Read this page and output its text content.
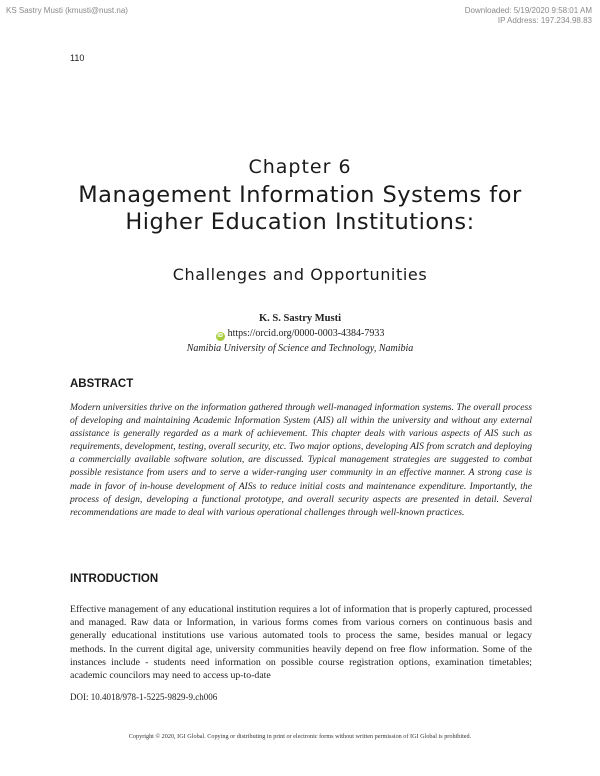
KS Sastry Musti (kmusti@nust.na)	Downloaded: 5/19/2020 9:58:01 AM
IP Address: 197.234.98.83
110
Chapter 6
Management Information Systems for Higher Education Institutions:
Challenges and Opportunities
K. S. Sastry Musti
iD https://orcid.org/0000-0003-4384-7933
Namibia University of Science and Technology, Namibia
ABSTRACT
Modern universities thrive on the information gathered through well-managed information systems. The overall process of developing and maintaining Academic Information System (AIS) all within the university and without any external assistance is generally regarded as a mark of achievement. This chapter deals with various aspects of AIS such as requirements, development, testing, overall security, etc. Two major options, developing AIS from scratch and deploying a commercially available software solution, are discussed. Typical management strategies are suggested to combat possible resistance from users and to serve a wider-ranging user community in an effective manner. A strong case is made in favor of in-house development of AISs to reduce initial costs and maintenance expenditure. Importantly, the process of design, developing a functional prototype, and overall security aspects are presented in detail. Several recommendations are made to deal with various operational challenges through well-known practices.
INTRODUCTION
Effective management of any educational institution requires a lot of information that is properly captured, processed and managed. Raw data or Information, in various forms comes from various corners on continuous basis and generally educational institutions use various automated tools to process the same, besides manual or legacy methods. In the current digital age, university communities heavily depend on free flow information. Some of the instances include - students need information on possible course registration options, examination timetables; academic councilors may need to access up-to-date
DOI: 10.4018/978-1-5225-9829-9.ch006
Copyright © 2020, IGI Global. Copying or distributing in print or electronic forms without written permission of IGI Global is prohibited.
